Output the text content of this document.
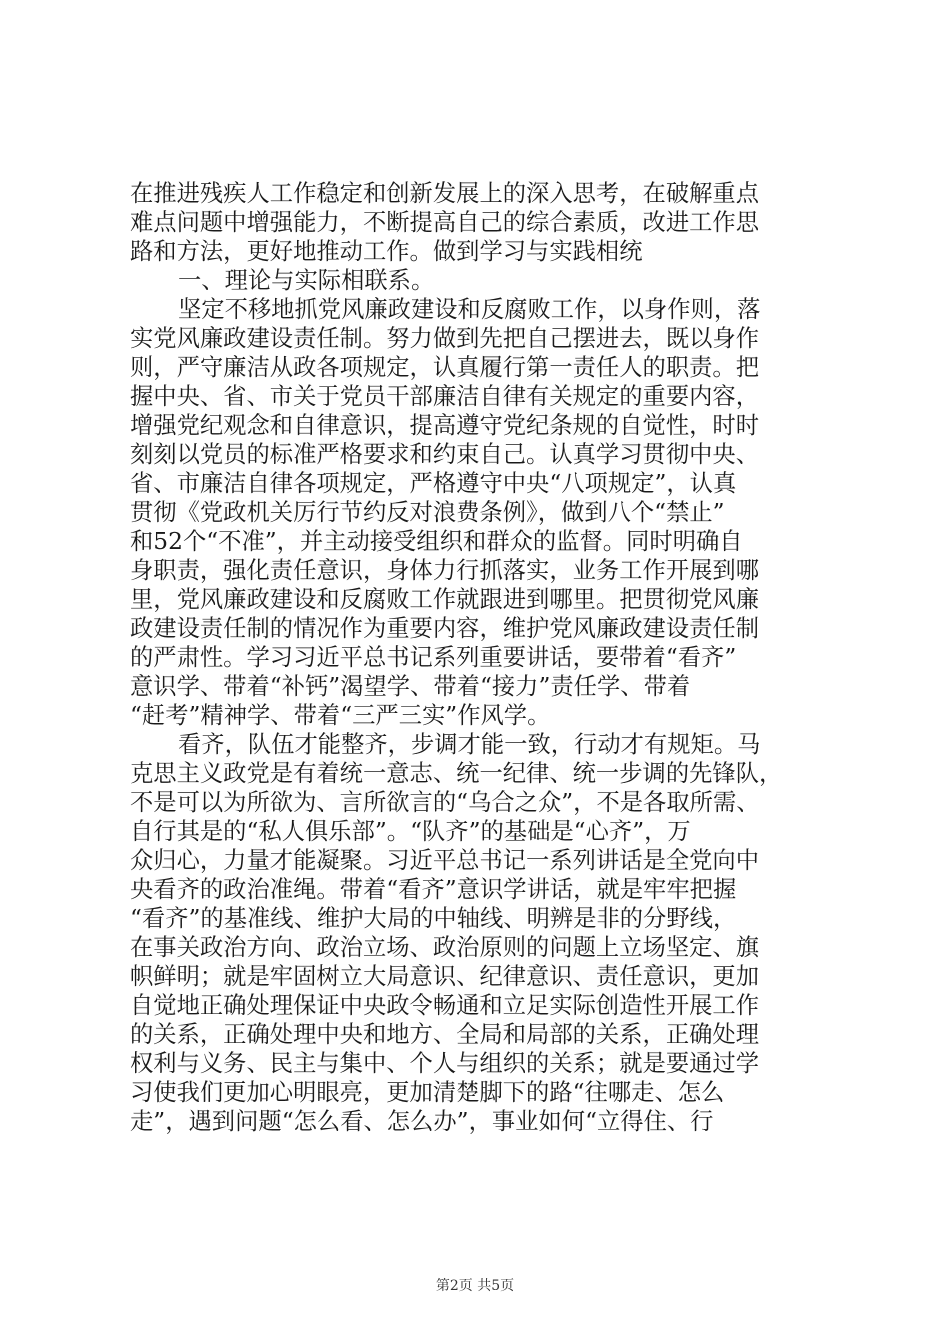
在推进残疾人工作稳定和创新发展上的深入思考，在破解重点
难点问题中增强能力，不断提高自己的综合素质，改进工作思
路和方法，更好地推动工作。做到学习与实践相统
一、理论与实际相联系。
坚定不移地抓党风廉政建设和反腐败工作，以身作则，落
实党风廉政建设责任制。努力做到先把自己摆进去，既以身作
则，严守廉洁从政各项规定，认真履行第一责任人的职责。把
握中央、省、市关于党员干部廉洁自律有关规定的重要内容，
增强党纪观念和自律意识，提高遵守党纪条规的自觉性，时时
刻刻以党员的标准严格要求和约束自己。认真学习贯彻中央、
省、市廉洁自律各项规定，严格遵守中央“八项规定”，认真
贯彻《党政机关厉行节约反对浪费条例》，做到八个“禁止”
和52个“不准”，并主动接受组织和群众的监督。同时明确自
身职责，强化责任意识，身体力行抓落实，业务工作开展到哪
里，党风廉政建设和反腐败工作就跟进到哪里。把贯彻党风廉
政建设责任制的情况作为重要内容，维护党风廉政建设责任制
的严肃性。学习习近平总书记系列重要讲话，要带着“看齐”
意识学、带着“补钙”渴望学、带着“接力”责任学、带着
“赶考”精神学、带着“三严三实”作风学。
看齐，队伍才能整齐，步调才能一致，行动才有规矩。马
克思主义政党是有着统一意志、统一纪律、统一步调的先锋队，
不是可以为所欲为、言所欲言的“乌合之众”，不是各取所需、
自行其是的“私人俱乐部”。“队齐”的基础是“心齐”，万
众归心，力量才能凝聚。习近平总书记一系列讲话是全党向中
央看齐的政治准绳。带着“看齐”意识学讲话，就是牢牢把握
“看齐”的基准线、维护大局的中轴线、明辨是非的分野线，
在事关政治方向、政治立场、政治原则的问题上立场坚定、旗
帜鲜明；就是牢固树立大局意识、纪律意识、责任意识，更加
自觉地正确处理保证中央政令畅通和立足实际创造性开展工作
的关系，正确处理中央和地方、全局和局部的关系，正确处理
权利与义务、民主与集中、个人与组织的关系；就是要通过学
习使我们更加心明眼亮，更加清楚脚下的路“往哪走、怎么
走”，遇到问题“怎么看、怎么办”，事业如何“立得住、行
第2页 共5页
